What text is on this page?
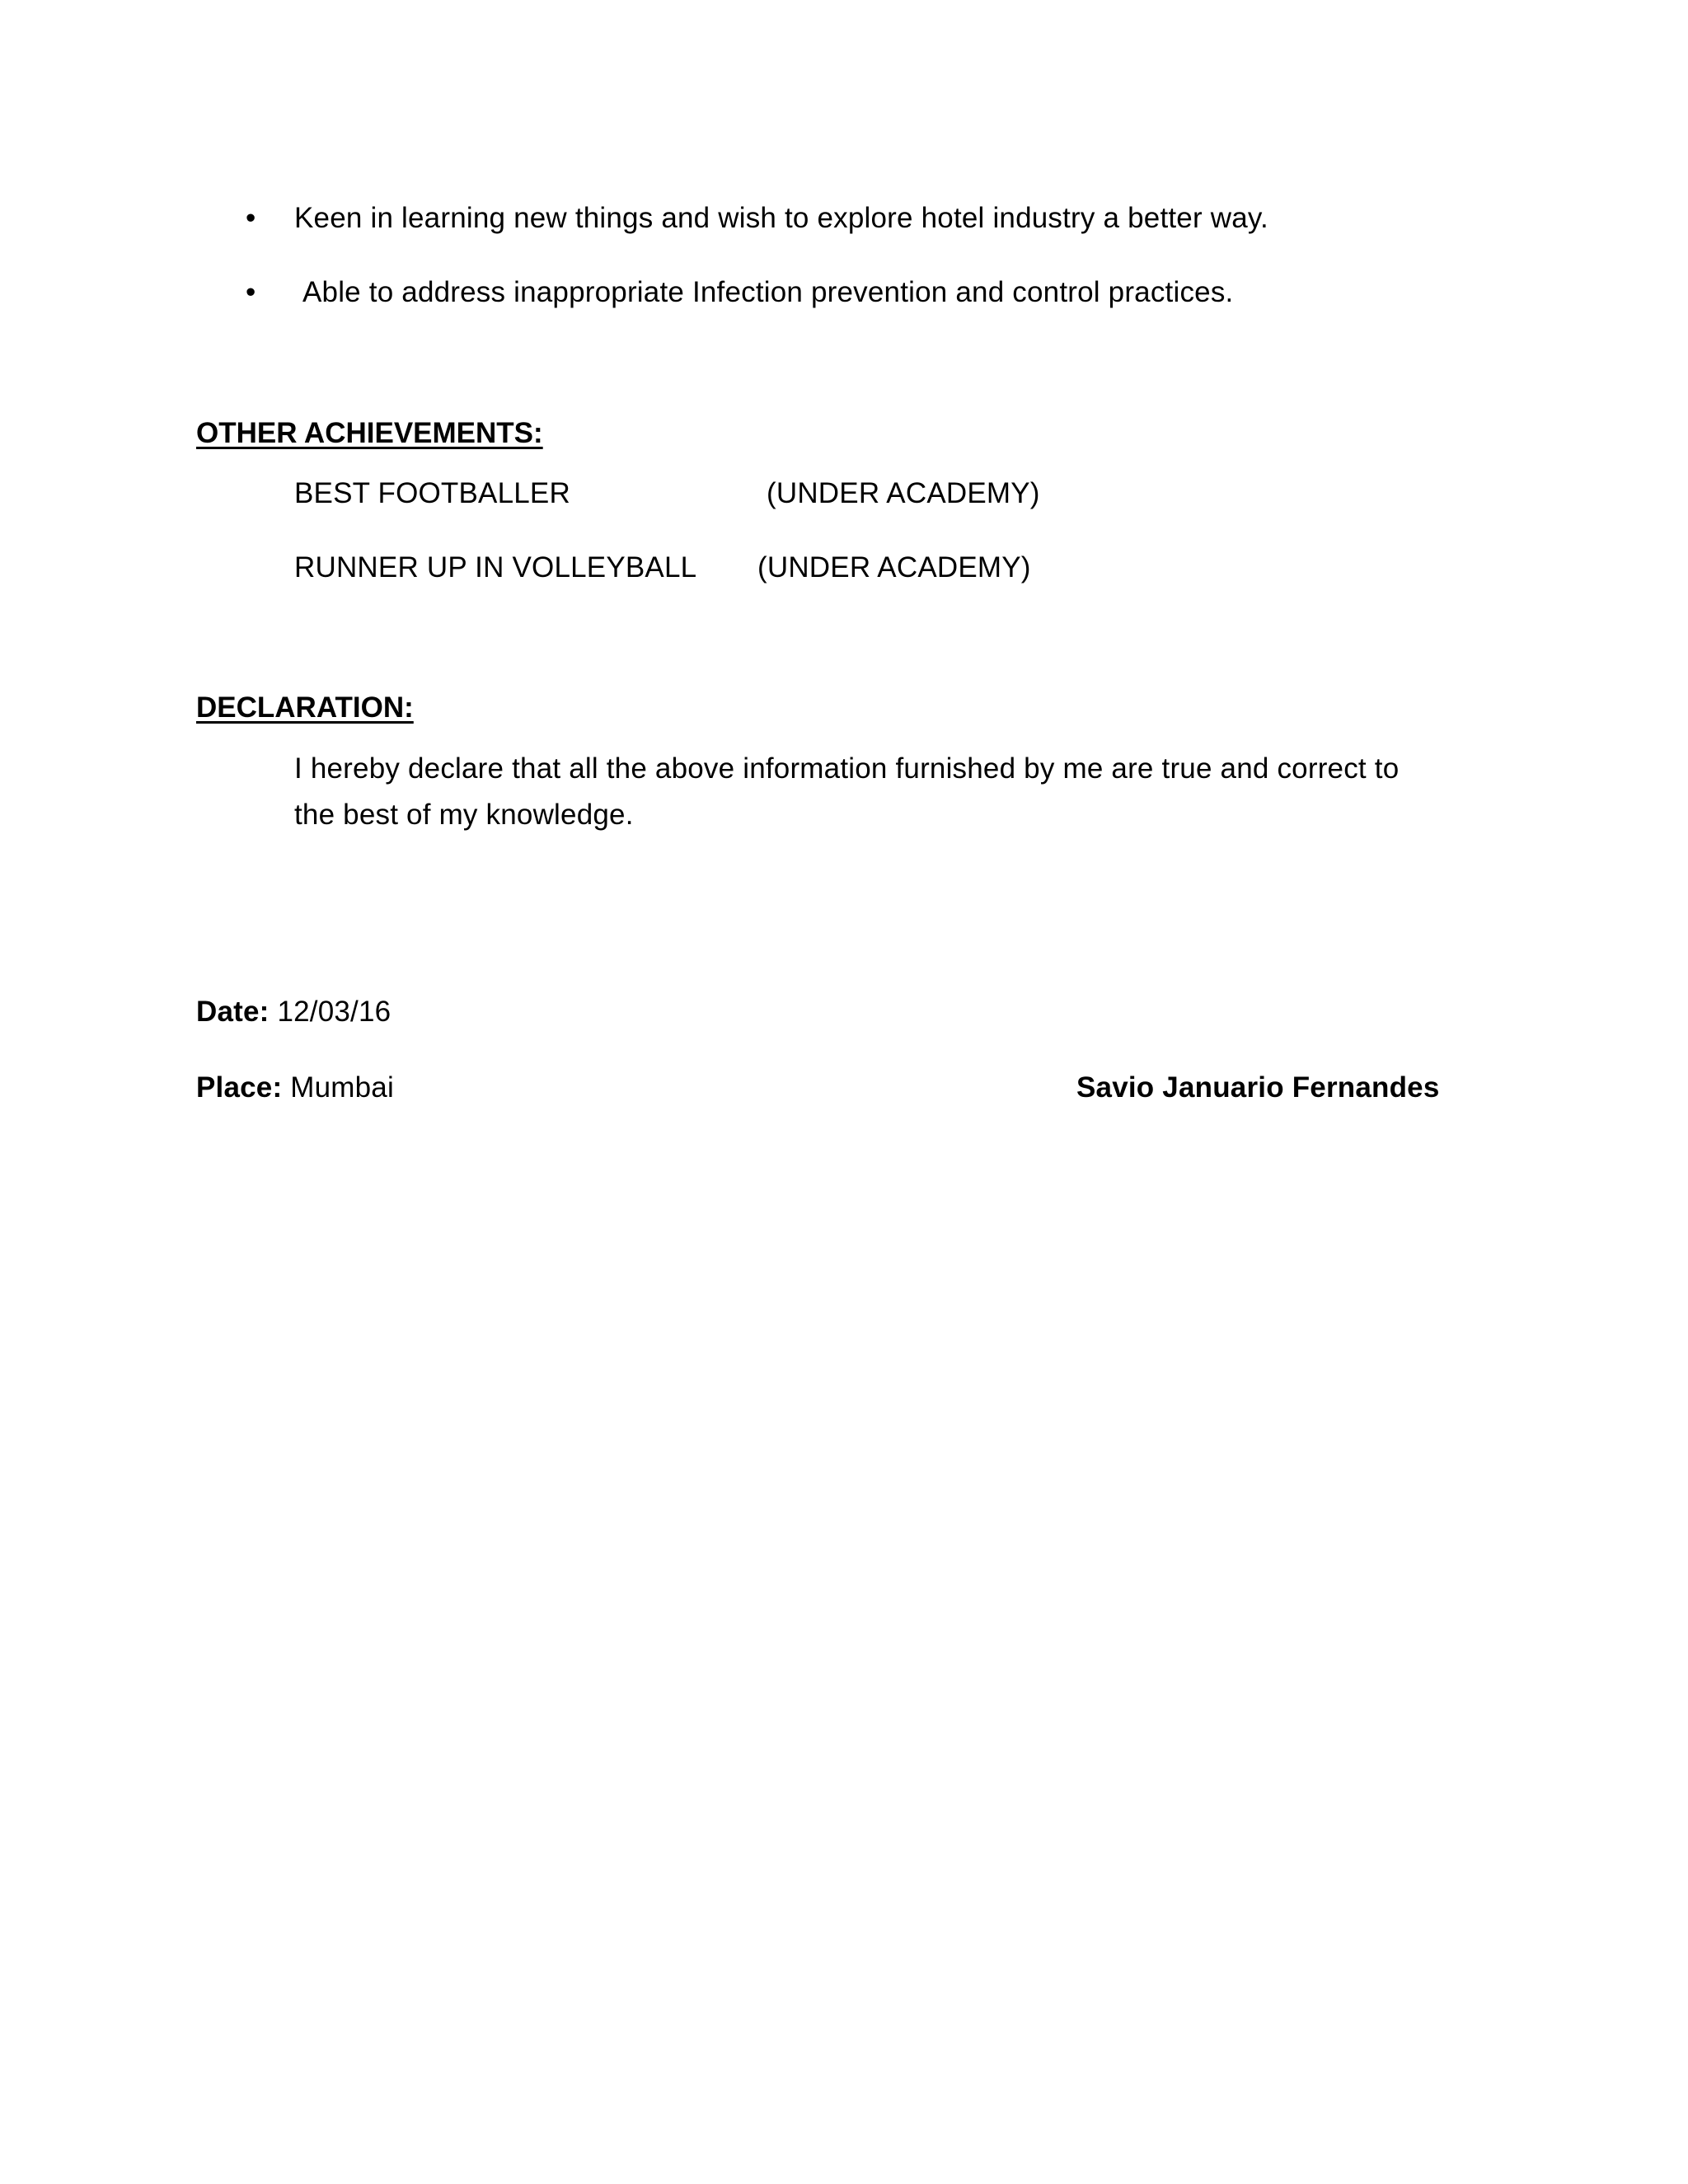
• Keen in learning new things and wish to explore hotel industry a better way.
• Able to address inappropriate Infection prevention and control practices.
OTHER ACHIEVEMENTS:
BEST FOOTBALLER	(UNDER ACADEMY)
RUNNER UP IN VOLLEYBALL (UNDER ACADEMY)
DECLARATION:
I hereby declare that all the above information furnished by me are true and correct to
the best of my knowledge.
Date: 12/03/16
Place: Mumbai	Savio Januario Fernandes
